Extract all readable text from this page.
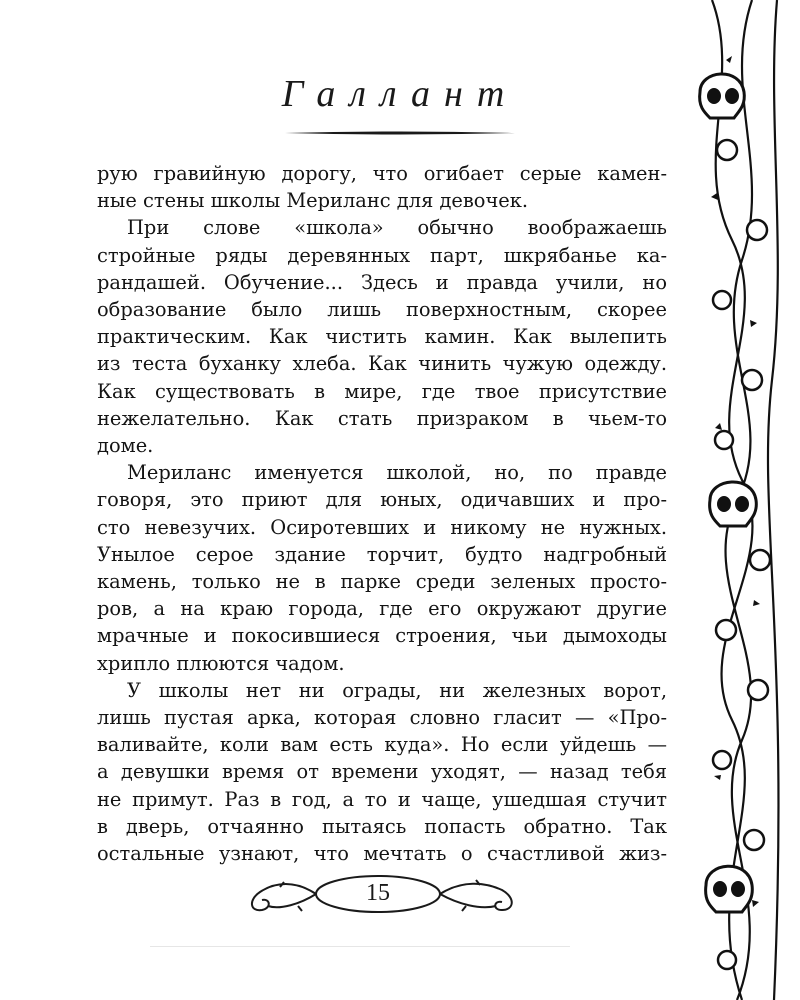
Галлант
рую гравийную дорогу, что огибает серые камен-
ные стены школы Мериланс для девочек.
При слове «школа» обычно воображаешь
стройные ряды деревянных парт, шкрябанье ка-
рандашей. Обучение... Здесь и правда учили, но
образование было лишь поверхностным, скорее
практическим. Как чистить камин. Как вылепить
из теста буханку хлеба. Как чинить чужую одежду.
Как существовать в мире, где твое присутствие
нежелательно. Как стать призраком в чьем-то
доме.
Мериланс именуется школой, но, по правде
говоря, это приют для юных, одичавших и про-
сто невезучих. Осиротевших и никому не нужных.
Унылое серое здание торчит, будто надгробный
камень, только не в парке среди зеленых просто-
ров, а на краю города, где его окружают другие
мрачные и покосившиеся строения, чьи дымоходы
хрипло плюются чадом.
У школы нет ни ограды, ни железных ворот,
лишь пустая арка, которая словно гласит — «Про-
валивайте, коли вам есть куда». Но если уйдешь —
а девушки время от времени уходят, — назад тебя
не примут. Раз в год, а то и чаще, ушедшая стучит
в дверь, отчаянно пытаясь попасть обратно. Так
остальные узнают, что мечтать о счастливой жиз-
15
